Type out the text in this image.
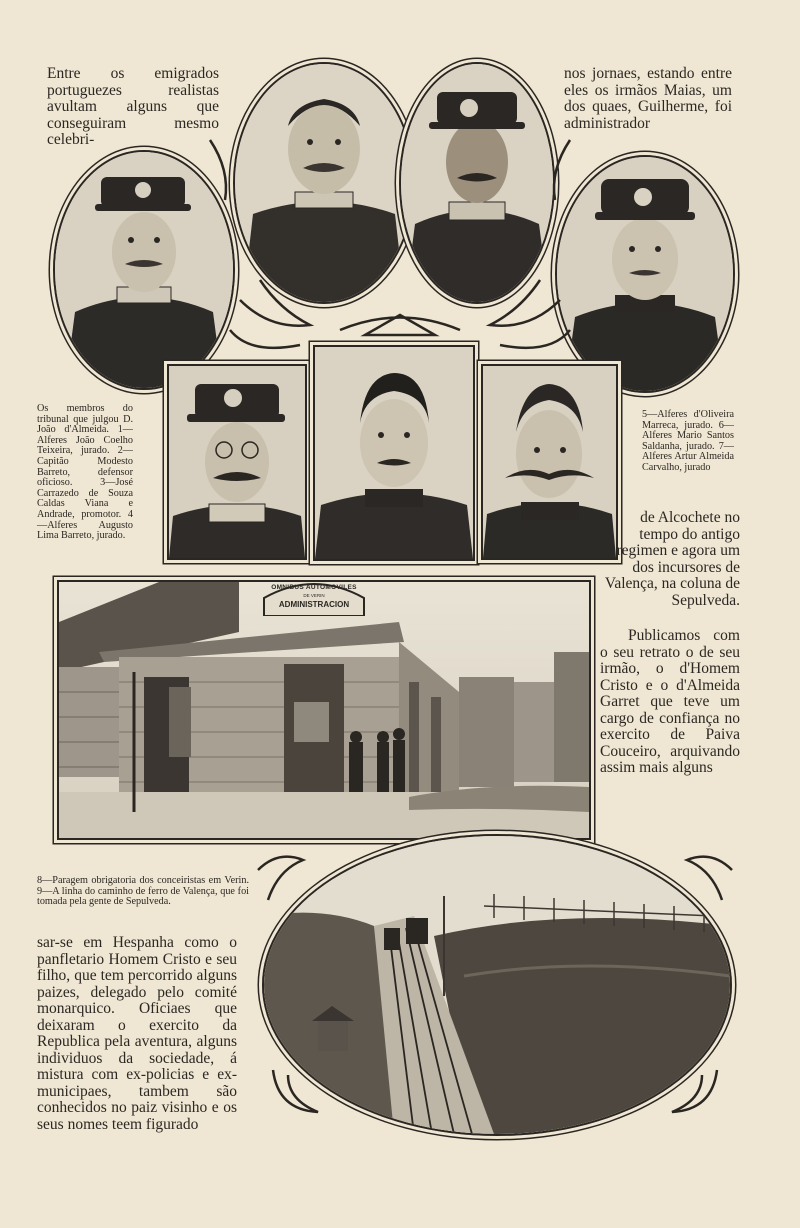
Entre os emigrados portuguezes realistas avultam alguns que conseguiram mesmo celebri-

nos jornaes, estando entre eles os irmãos Maias, um dos quaes, Guilherme, foi administrador

Os membros do tribunal que julgou D. João d'Almeida. 1—Alferes João Coelho Teixeira, jurado. 2—Capitão Modesto Barreto, defensor oficioso. 3—José Carrazedo de Souza Caldas Viana e Andrade, promotor. 4—Alferes Augusto Lima Barreto, jurado.

5—Alferes d'Oliveira Marreca, jurado. 6—Alferes Mario Santos Saldanha, jurado. 7—Alferes Artur Almeida Carvalho, jurado

de Alcochete no tempo do antigo regimen e agora um dos incursores de Valença, na coluna de Sepulveda.

Publicamos com o seu retrato o de seu irmão, o d'Homem Cristo e o d'Almeida Garret que teve um cargo de confiança no exercito de Paiva Couceiro, arquivando assim mais alguns

OMNIBUS AUTOMOVILES
DE VERIN
ADMINISTRACION

8—Paragem obrigatoria dos conceiristas em Verin. 9—A linha do caminho de ferro de Valença, que foi tomada pela gente de Sepulveda.

sar-se em Hespanha como o panfletario Homem Cristo e seu filho, que tem percorrido alguns paizes, delegado pelo comité monarquico. Oficiaes que deixaram o exercito da Republica pela aventura, alguns individuos da sociedade, á mistura com ex-policias e ex-municipaes, tambem são conhecidos no paiz visinho e os seus nomes teem figurado
